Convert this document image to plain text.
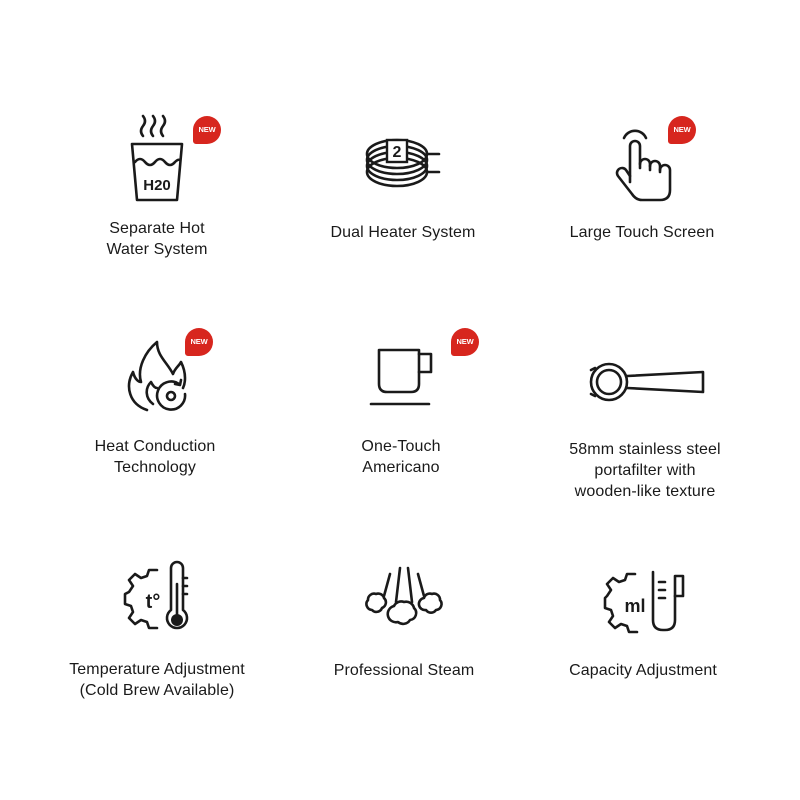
H20
NEW
Separate Hot
Water System
2
Dual Heater System
NEW
Large Touch Screen
NEW
Heat Conduction
Technology
NEW
One-Touch
Americano
58mm stainless steel
portafilter with
wooden-like texture
t°
Temperature Adjustment
(Cold Brew Available)
Professional Steam
ml
Capacity Adjustment
